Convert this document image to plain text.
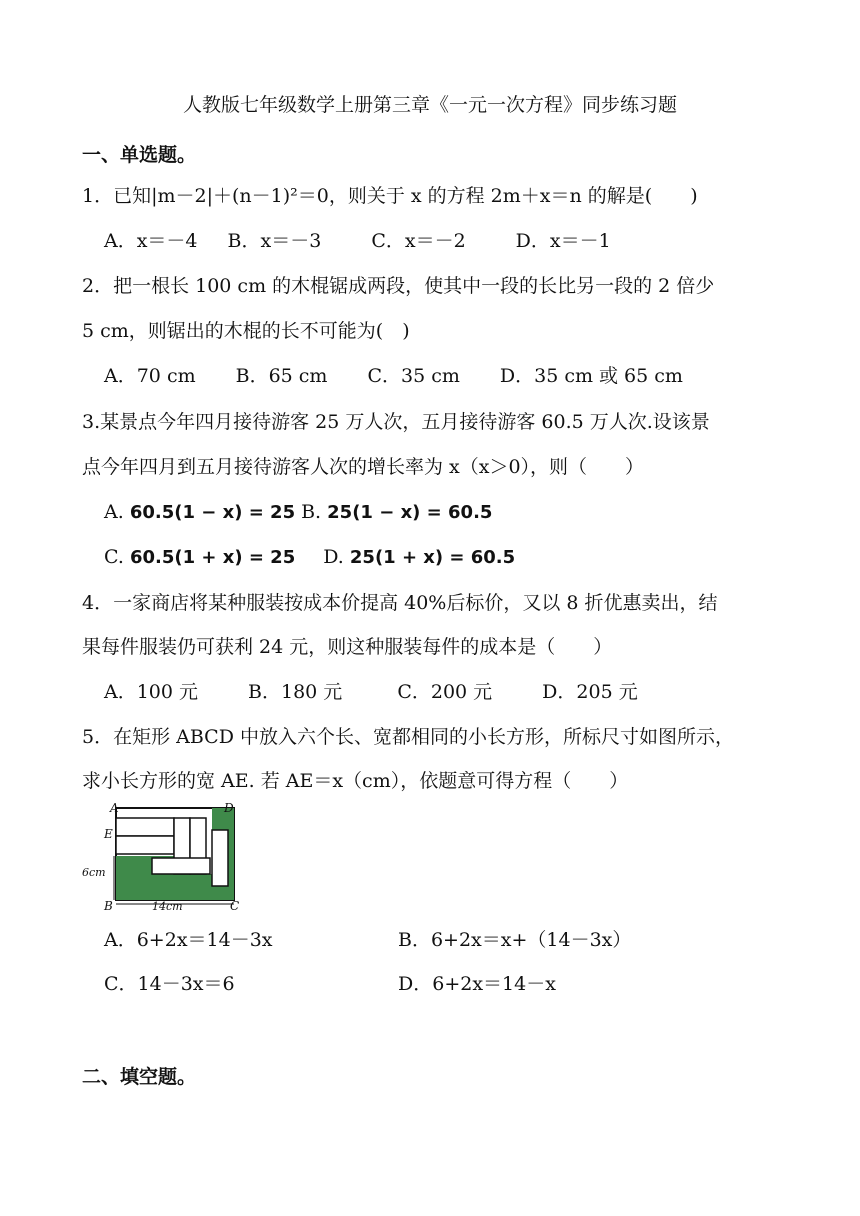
人教版七年级数学上册第三章《一元一次方程》同步练习题
一、单选题。
1．已知|m－2|＋(n－1)²＝0，则关于 x 的方程 2m＋x＝n 的解是(　　)
A．x＝－4 B．x＝－3	C．x＝－2	D．x＝－1
2．把一根长 100 cm 的木棍锯成两段，使其中一段的长比另一段的 2 倍少
5 cm，则锯出的木棍的长不可能为(　)
A．70 cm B．65 cm C．35 cm D．35 cm 或 65 cm
3.某景点今年四月接待游客 25 万人次，五月接待游客 60.5 万人次.设该景
点今年四月到五月接待游客人次的增长率为 x（x＞0），则（　　）
A. 60.5(1 − x) = 25 B. 25(1 − x) = 60.5
C. 60.5(1 + x) = 25 D. 25(1 + x) = 60.5
4．一家商店将某种服装按成本价提高 40%后标价，又以 8 折优惠卖出，结
果每件服装仍可获利 24 元，则这种服装每件的成本是（　　）
A．100 元	B．180 元	C．200 元	D．205 元
5．在矩形 ABCD 中放入六个长、宽都相同的小长方形，所标尺寸如图所示，
求小长方形的宽 AE. 若 AE＝x（cm），依题意可得方程（　　）
A	D
E
6cm
B	14cm	C
A．6+2x＝14－3x	B．6+2x＝x+（14－3x）
C．14－3x＝6	D．6+2x＝14－x
二、填空题。
